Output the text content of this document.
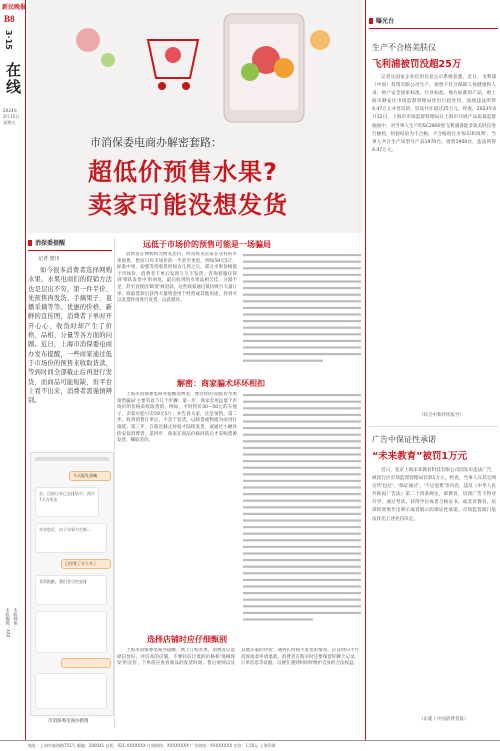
新民晚报
B8
3·15
在线
2024年
3月15日
星期五
本版编辑：XXX 本版邮箱 ...
市消保委电商办解密套路：
超低价预售水果?
卖家可能没想发货
消保委提醒
记者 窦川
如今很多消费者选择网购水果，水果电商们的促销方法也是层出不穷，第一件半价、先预售再发货、手摘果子、直播采摘等等。优惠的价格、新鲜的宣传图，消费者下单时开开心心，收货时却产生了价格、品相、分量等各方面的问题。近日，上海市消保委电商办发布提醒，一些商家通过低于市场价的预售来收取货款，等到时间全部截止后再进行发货，而商品可能短缺，但平台上看不出来，消费者需谨慎辨别。
今天能发货嘛
亲，目前订单已在排队中，预计7天内发出
亲亲您好，由于水果为生鲜...
已经等了半个月了
非常抱歉，我们会尽快安排
市消保委电商办供图
远低于市场价的预售可能是一场骗局
解密：商家骗术环环相扣
选择店铺时应仔细甄别
消费者在网购时习惯先比价，经常看见店家在这样的水果预售，售价只有市场价的一半甚至更低，例如59元5斤，标准中果，却要等待收货时间为几周之后。部分水果价格低于市场价，消费者下单后发现久久不发货，咨询客服仅得到'排队发货中'的回复，最后收到的水果品相欠佳、分量不足，甚至直接因'缺货'被退款。这些商家通过低价吸引大量订单，收取货款后获得大量资金用于经营或其他用途，待到可以发货时再进行发货，以此循环。
上海市消保委电商办提醒消费者，像这样的'超低价水果预售骗局'主要有以下几个步骤：第一步，商家会用远低于市场价的价格来收取货款，例如，平时售价30—50元的车厘子，卖家可能只卖59元5斤，并告诉买家，这是预售。第二步，收到预售订单后，不急于发货，以缺货或物流为由进行拖延。第三步，在临近截止时间才陆续发货，或通过小额补偿安抚消费者。第四步，商家在商品价格回落后才采购货源发货，赚取差价。
上海市消保委电商办提醒，网上订购水果，消费者应选择信誉好、评价高的店铺，不要轻信过低的价格和'现摘现发'的宣传。下单前应查看商品的发货时间、售后规则以及其他买家的评价；遇到长时间不发货的情况，应及时向平台投诉或者申请退款。消费者在购买时还要保留好聊天记录、订单信息等证据，以便在遇到纠纷时维护自身的合法权益。
曝光台
生产不合格美肤仪
飞利浦被罚没超25万
记者从国家企业信用信息公示系统获悉，近日，飞利浦（中国）投资有限公司生产、销售不符合保障人体健康和人身、财产安全国家标准、行业标准、地方标准的产品，被上海市静安区市场监督管理局作出行政处罚，没收违法所得4.47万元并处罚款，罚没共计超过25万元。经查，2023年6月12日，上海市市场监督管理局在上海市开展产品质量监督抽查中，对当事人生产的SC2800型飞利浦睿能多效美肤仪进行抽检，检验结论为不合格，不合格项目为'标识和说明'。当事人共计生产该型号产品1970台，销售1900台，违法所得4.47万元。
（综合中新经纬报导）
广告中保证性承诺
“未来教育”被罚1万元
近日，北京上海未来教育科技有限公司因发布违法广告，被闵行区市场监督管理局罚款1万元。经查，当事人在其官网宣传'包过'、'保证通过'、'不过退费'等内容，违反《中华人民共和国广告法》第二十四条规定，即教育、培训广告不得对升学、通过考试、获得学位或者合格证书，或者对教育、培训的效果作出明示或者暗示的保证性承诺。市场监管部门依法作出上述处罚决定。
（东建 / 中国消费者报）
地址：上海市威海路755号 邮编：200041 总机：021-XXXXXXX 订阅热线：XXXXXXXX 广告热线：XXXXXXXX 定价：1.50元 上海印刷
